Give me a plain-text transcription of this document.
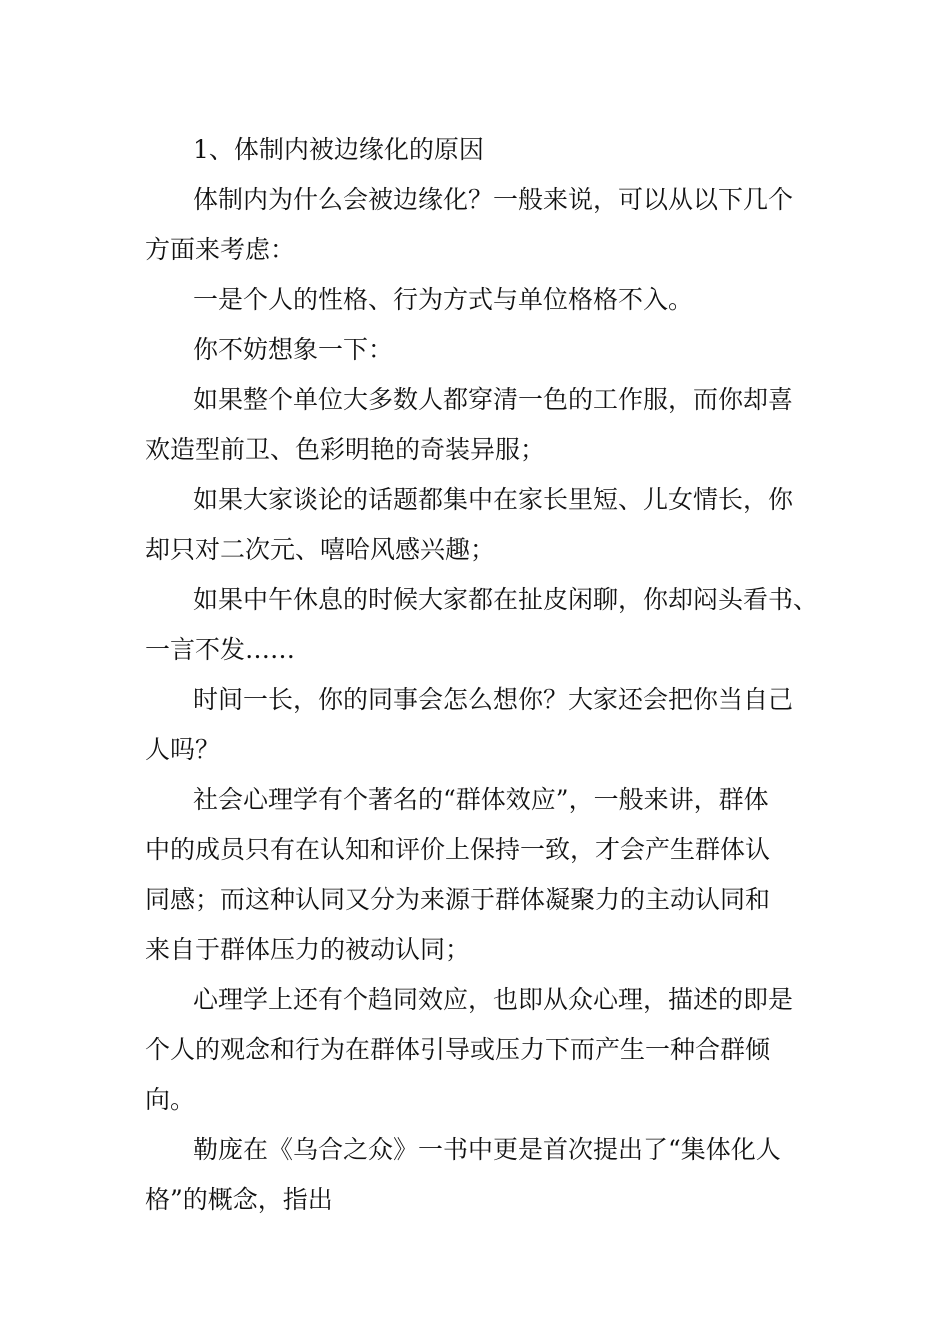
1、体制内被边缘化的原因
体制内为什么会被边缘化？一般来说，可以从以下几个
方面来考虑：
一是个人的性格、行为方式与单位格格不入。
你不妨想象一下：
如果整个单位大多数人都穿清一色的工作服，而你却喜
欢造型前卫、色彩明艳的奇装异服；
如果大家谈论的话题都集中在家长里短、儿女情长，你
却只对二次元、嘻哈风感兴趣；
如果中午休息的时候大家都在扯皮闲聊，你却闷头看书、
一言不发……
时间一长，你的同事会怎么想你？大家还会把你当自己
人吗？
社会心理学有个著名的“群体效应”，一般来讲，群体
中的成员只有在认知和评价上保持一致，才会产生群体认
同感；而这种认同又分为来源于群体凝聚力的主动认同和
来自于群体压力的被动认同；
心理学上还有个趋同效应，也即从众心理，描述的即是
个人的观念和行为在群体引导或压力下而产生一种合群倾
向。
勒庞在《乌合之众》一书中更是首次提出了“集体化人
格”的概念，指出
